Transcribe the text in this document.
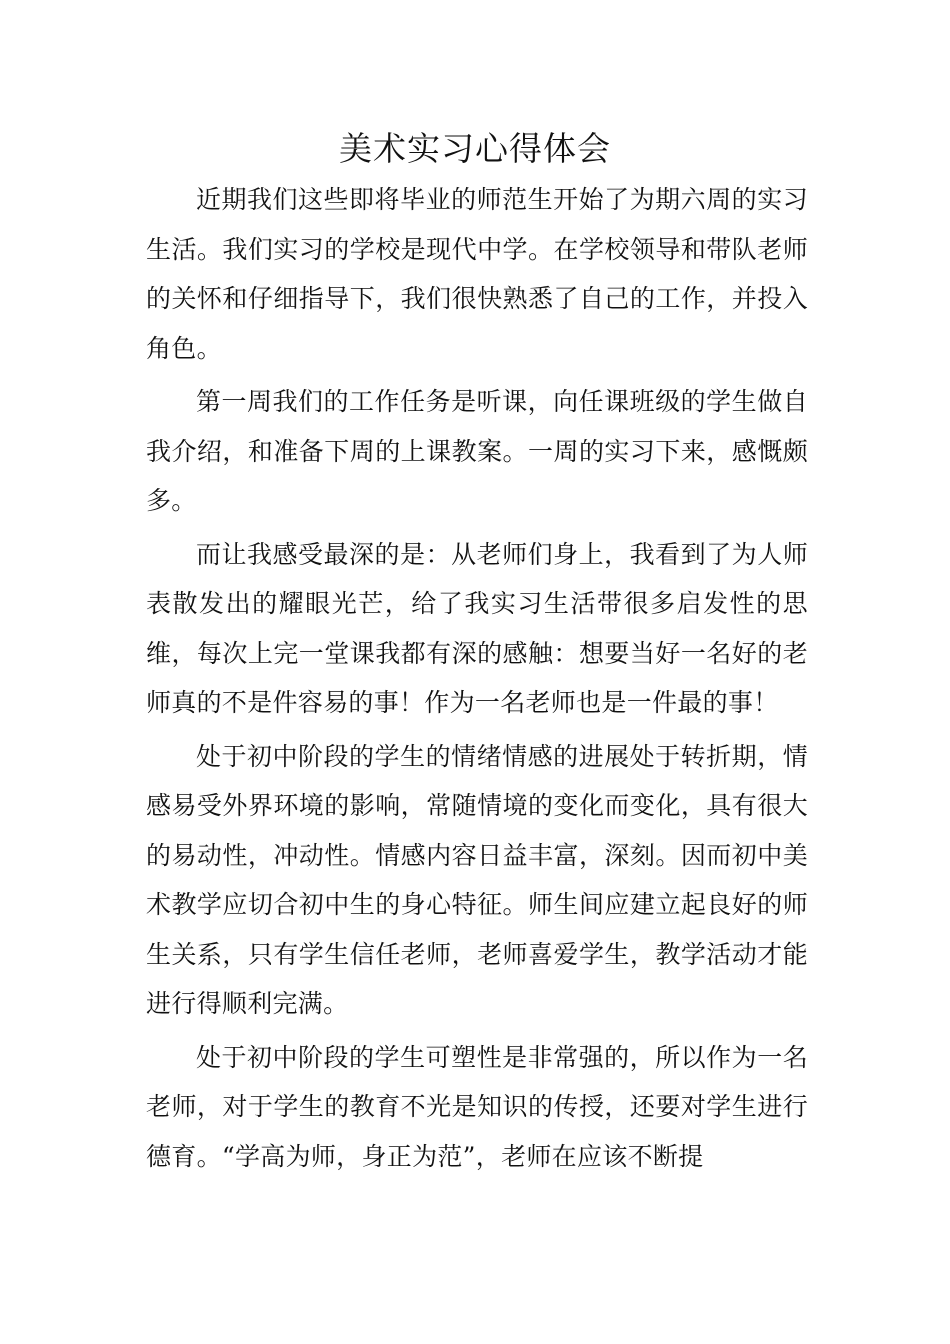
美术实习心得体会

近期我们这些即将毕业的师范生开始了为期六周的实习生活。我们实习的学校是现代中学。在学校领导和带队老师的关怀和仔细指导下，我们很快熟悉了自己的工作，并投入角色。

第一周我们的工作任务是听课，向任课班级的学生做自我介绍，和准备下周的上课教案。一周的实习下来，感慨颇多。

而让我感受最深的是：从老师们身上，我看到了为人师表散发出的耀眼光芒，给了我实习生活带很多启发性的思维，每次上完一堂课我都有深的感触：想要当好一名好的老师真的不是件容易的事！作为一名老师也是一件最的事！

处于初中阶段的学生的情绪情感的进展处于转折期，情感易受外界环境的影响，常随情境的变化而变化，具有很大的易动性，冲动性。情感内容日益丰富，深刻。因而初中美术教学应切合初中生的身心特征。师生间应建立起良好的师生关系，只有学生信任老师，老师喜爱学生，教学活动才能进行得顺利完满。

处于初中阶段的学生可塑性是非常强的，所以作为一名老师，对于学生的教育不光是知识的传授，还要对学生进行德育。“学高为师，身正为范”，老师在应该不断提
